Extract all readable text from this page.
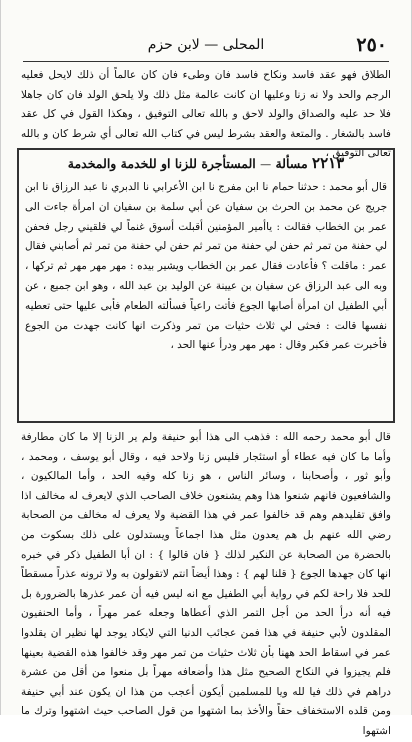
٢٥٠
المحلى — لابن حزم

الطلاق فهو عقد فاسد ونكاح فاسد فان وطىء فان كان عالماً أن ذلك لايحل فعليه الرجم والحد ولا نه زنا وعليها ان كانت عالمة مثل ذلك ولا يلحق الولد فان كان جاهلا فلا حد عليه والصداق والولد لاحق و بالله تعالى التوفيق ، وهكذا القول في كل عقد فاسد بالشغار . والمتعة والعقد بشرط ليس في كتاب الله تعالى أي شرط كان و بالله تعالى التوفيق ،

٢٢١٣ مسألة — المستأجرة للزنا او للخدمة والمخدمة

قال أبو محمد : حدثنا حمام نا ابن مفرج نا ابن الأعرابي نا الدبري نا عبد الرزاق نا ابن جريج عن محمد بن الحرث بن سفيان عن أبي سلمة بن سفيان ان امرأة جاءت الى عمر بن الخطاب فقالت : ياأمير المؤمنين أقبلت أسوق غنماً لي فلقيني رجل فحفن لي حفنة من تمر ثم حفن لي حفنة من تمر ثم حفن لي حفنة من تمر ثم أصابني فقال عمر : ماقلت ؟ فأعادت فقال عمر بن الخطاب ويشير بيده : مهر مهر مهر ثم تركها ، وبه الى عبد الرزاق عن سفيان بن عيينة عن الوليد بن عبد الله ، وهو ابن جميع ، عن أبي الطفيل ان امرأة أصابها الجوع فأتت راعياً فسألته الطعام فأبى عليها حتى تعطيه نفسها قالت : فحثى لي ثلاث حثيات من تمر وذكرت انها كانت جهدت من الجوع فأخبرت عمر فكبر وقال : مهر مهر ودرأ عنها الحد ،

قال أبو محمد رحمه الله : فذهب الى هذا أبو حنيفة ولم ير الزنا إلا ما كان مطارفة وأما ما كان فيه عطاء أو استئجار فليس زنا ولاحد فيه ، وقال أبو يوسف ، ومحمد ، وأبو ثور ، وأصحابنا ، وسائر الناس ، هو زنا كله وفيه الحد ، وأما المالكيون ، والشافعيون فانهم شنعوا هذا وهم يشنعون خلاف الصاحب الذي لايعرف له مخالف اذا وافق تقليدهم وهم قد خالفوا عمر في هذا القضية ولا يعرف له مخالف من الصحابة رضي الله عنهم بل هم يعدون مثل هذا اجماعاً ويستدلون على ذلك بسكوت من بالحضرة من الصحابة عن النكير لذلك { فان قالوا } : ان أبا الطفيل ذكر في خبره انها كان جهدها الجوع { قلنا لهم } : وهذا أيضاً انتم لاتقولون به ولا ترونه عذراً مسقطاً للحد فلا راحة لكم في رواية أبي الطفيل مع انه ليس فيه أن عمر عذرها بالضرورة بل فيه أنه درأ الحد من أجل التمر الذي أعطاها وجعله عمر مهراً ، وأما الحنفيون المقلدون لأبي حنيفة في هذا فمن عجائب الدنيا التي لايكاد يوجد لها نظير ان يقلدوا عمر في اسقاط الحد ههنا بأن ثلاث حثيات من تمر مهر وقد خالفوا هذه القضية بعينها فلم يجيزوا في النكاح الصحيح مثل هذا وأضعافه مهراً بل منعوا من أقل من عشرة دراهم في ذلك فيا لله ويا للمسلمين أيكون أعجب من هذا ان يكون عند أبي حنيفة ومن قلده الاستخفاف حقاً والأخذ بما اشتهوا من قول الصاحب حيث اشتهوا وترك ما اشتهوا
